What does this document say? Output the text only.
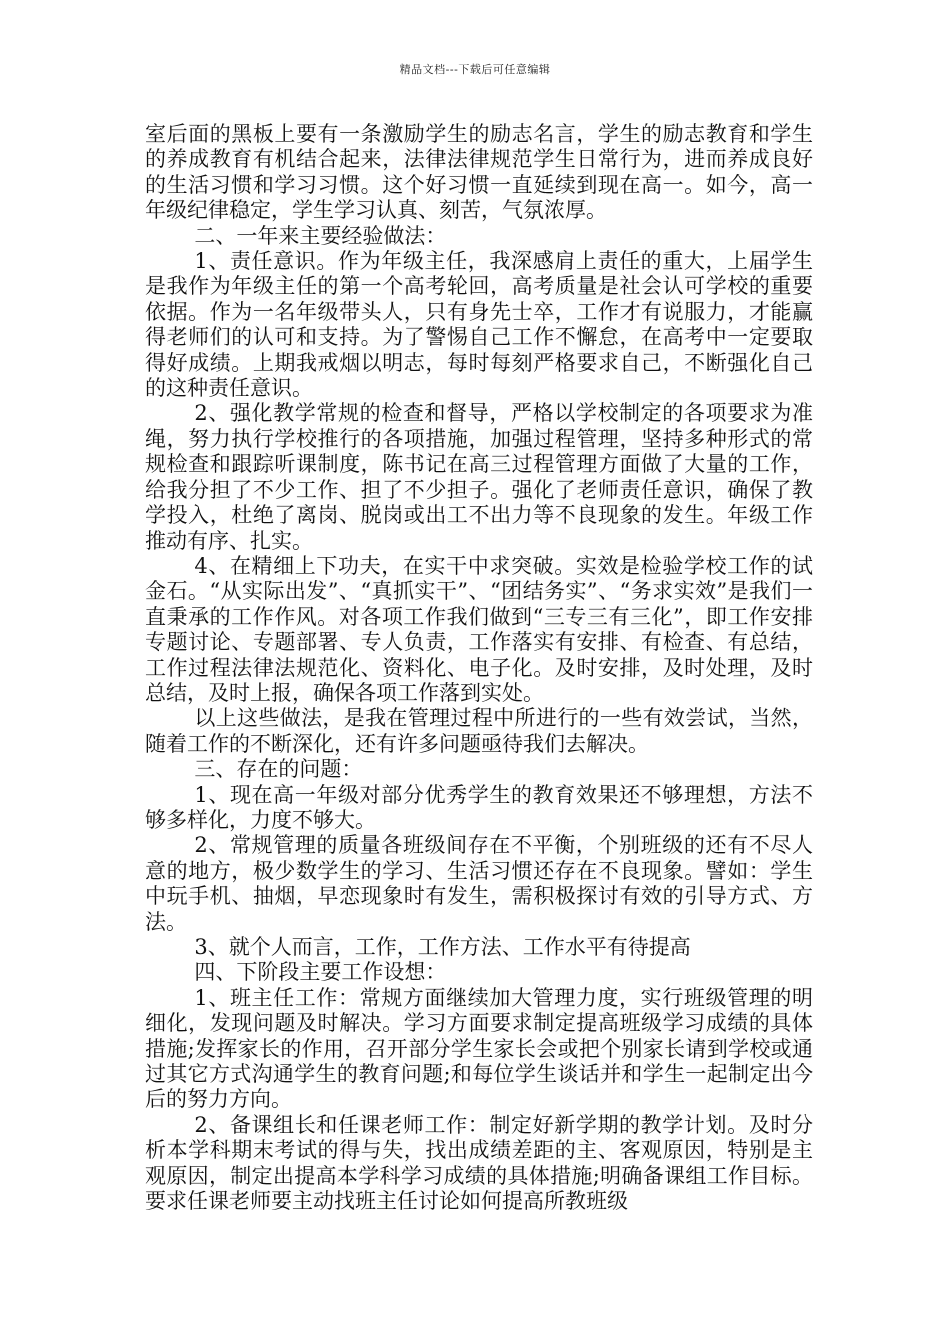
精品文档---下载后可任意编辑

室后面的黑板上要有一条激励学生的励志名言，学生的励志教育和学生的养成教育有机结合起来，法律法律规范学生日常行为，进而养成良好的生活习惯和学习习惯。这个好习惯一直延续到现在高一。如今，高一年级纪律稳定，学生学习认真、刻苦，气氛浓厚。

二、一年来主要经验做法：

1、责任意识。作为年级主任，我深感肩上责任的重大，上届学生是我作为年级主任的第一个高考轮回，高考质量是社会认可学校的重要依据。作为一名年级带头人，只有身先士卒，工作才有说服力，才能赢得老师们的认可和支持。为了警惕自己工作不懈怠，在高考中一定要取得好成绩。上期我戒烟以明志，每时每刻严格要求自己，不断强化自己的这种责任意识。

2、强化教学常规的检查和督导，严格以学校制定的各项要求为准绳，努力执行学校推行的各项措施，加强过程管理，坚持多种形式的常规检查和跟踪听课制度，陈书记在高三过程管理方面做了大量的工作，给我分担了不少工作、担了不少担子。强化了老师责任意识，确保了教学投入，杜绝了离岗、脱岗或出工不出力等不良现象的发生。年级工作推动有序、扎实。

4、在精细上下功夫，在实干中求突破。实效是检验学校工作的试金石。“从实际出发”、“真抓实干”、“团结务实”、“务求实效”是我们一直秉承的工作作风。对各项工作我们做到“三专三有三化”，即工作安排专题讨论、专题部署、专人负责，工作落实有安排、有检查、有总结，工作过程法律法规范化、资料化、电子化。及时安排，及时处理，及时总结，及时上报，确保各项工作落到实处。

以上这些做法，是我在管理过程中所进行的一些有效尝试，当然，随着工作的不断深化，还有许多问题亟待我们去解决。

三、存在的问题：

1、现在高一年级对部分优秀学生的教育效果还不够理想，方法不够多样化，力度不够大。

2、常规管理的质量各班级间存在不平衡，个别班级的还有不尽人意的地方，极少数学生的学习、生活习惯还存在不良现象。譬如：学生中玩手机、抽烟，早恋现象时有发生，需积极探讨有效的引导方式、方法。

3、就个人而言，工作，工作方法、工作水平有待提高

四、下阶段主要工作设想：

1、班主任工作：常规方面继续加大管理力度，实行班级管理的明细化，发现问题及时解决。学习方面要求制定提高班级学习成绩的具体措施;发挥家长的作用，召开部分学生家长会或把个别家长请到学校或通过其它方式沟通学生的教育问题;和每位学生谈话并和学生一起制定出今后的努力方向。

2、备课组长和任课老师工作：制定好新学期的教学计划。及时分析本学科期末考试的得与失，找出成绩差距的主、客观原因，特别是主观原因，制定出提高本学科学习成绩的具体措施;明确备课组工作目标。要求任课老师要主动找班主任讨论如何提高所教班级
